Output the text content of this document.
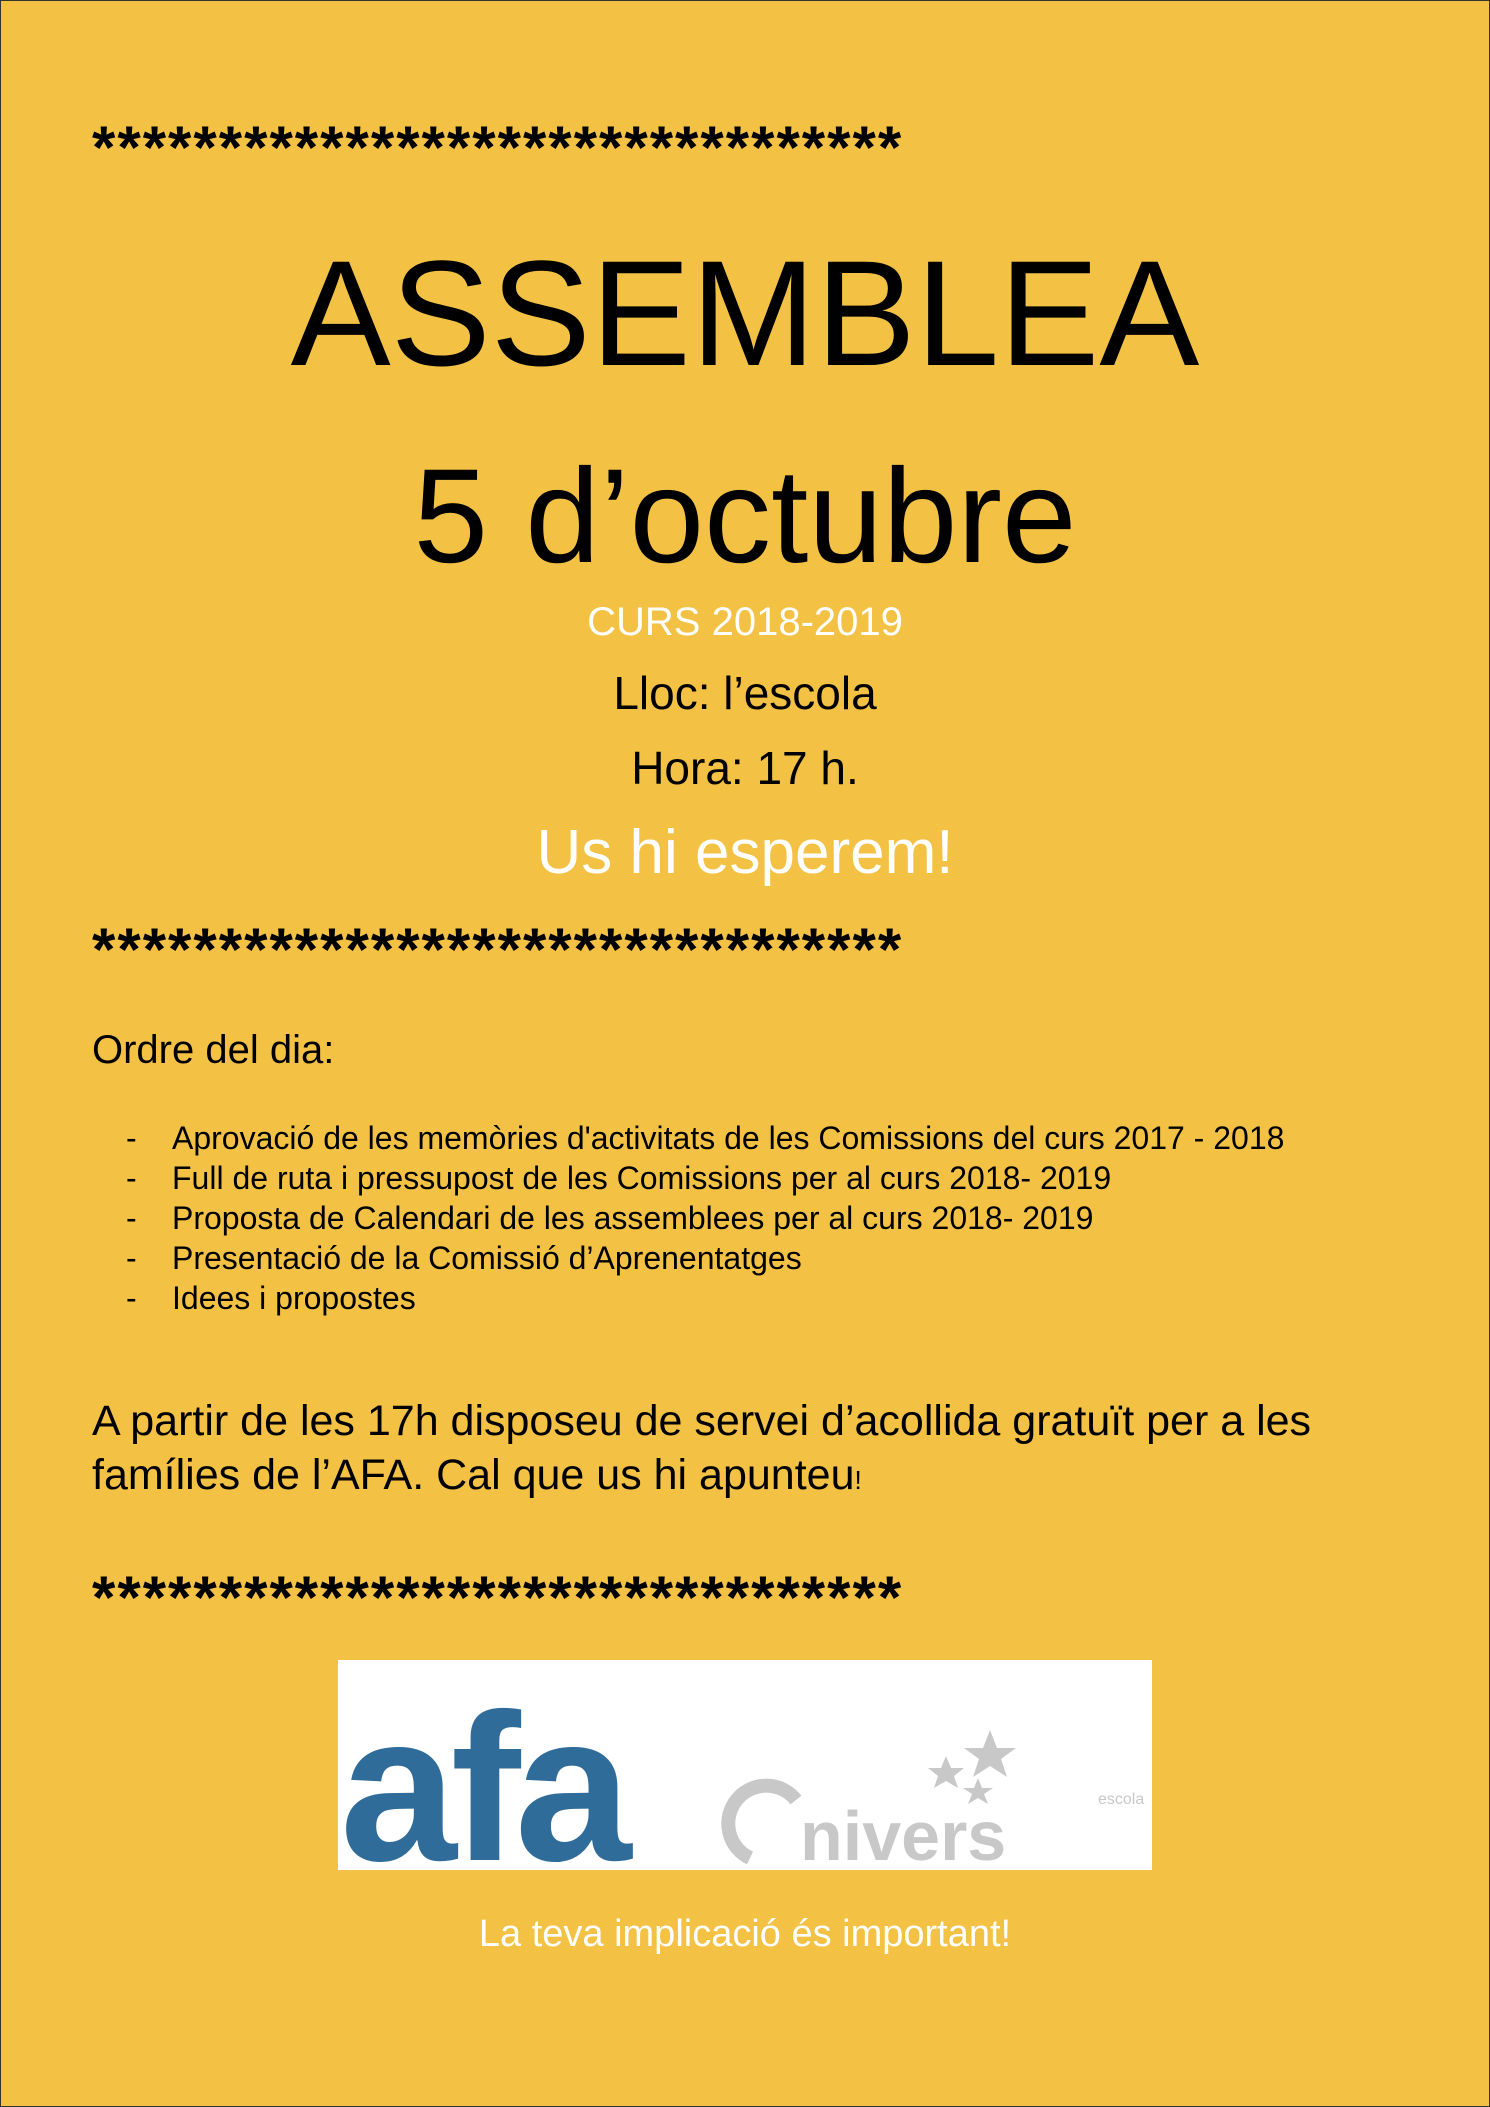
********************************
ASSEMBLEA
5 d’octubre
CURS 2018-2019
Lloc: l’escola
Hora: 17 h.
Us hi esperem!
********************************
Ordre del dia:
- Aprovació de les memòries d'activitats de les Comissions del curs 2017 - 2018
- Full de ruta i pressupost de les Comissions per al curs 2018- 2019
- Proposta de Calendari de les assemblees per al curs 2018- 2019
- Presentació de la Comissió d’Aprenentatges
- Idees i propostes
A partir de les 17h disposeu de servei d’acollida gratuït per a les famílies de l’AFA. Cal que us hi apunteu!
********************************
afa nivers	escola
La teva implicació és important!
